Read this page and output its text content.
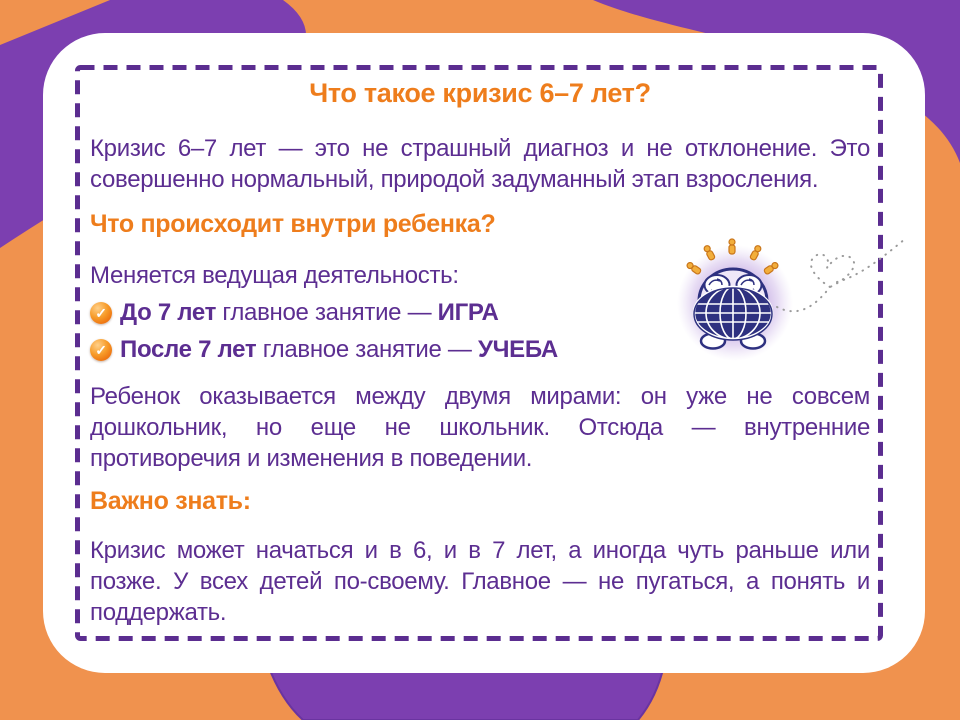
Что такое кризис 6–7 лет?
Кризис 6–7 лет — это не страшный диагноз и не отклонение. Это совершенно нормальный, природой задуманный этап взросления.
Что происходит внутри ребенка?
Меняется ведущая деятельность:
✓ До 7 лет главное занятие — ИГРА
✓ После 7 лет главное занятие — УЧЕБА
Ребенок оказывается между двумя мирами: он уже не совсем дошкольник, но еще не школьник. Отсюда — внутренние противоречия и изменения в поведении.
Важно знать:
Кризис может начаться и в 6, и в 7 лет, а иногда чуть раньше или позже. У всех детей по-своему. Главное — не пугаться, а понять и поддержать.
